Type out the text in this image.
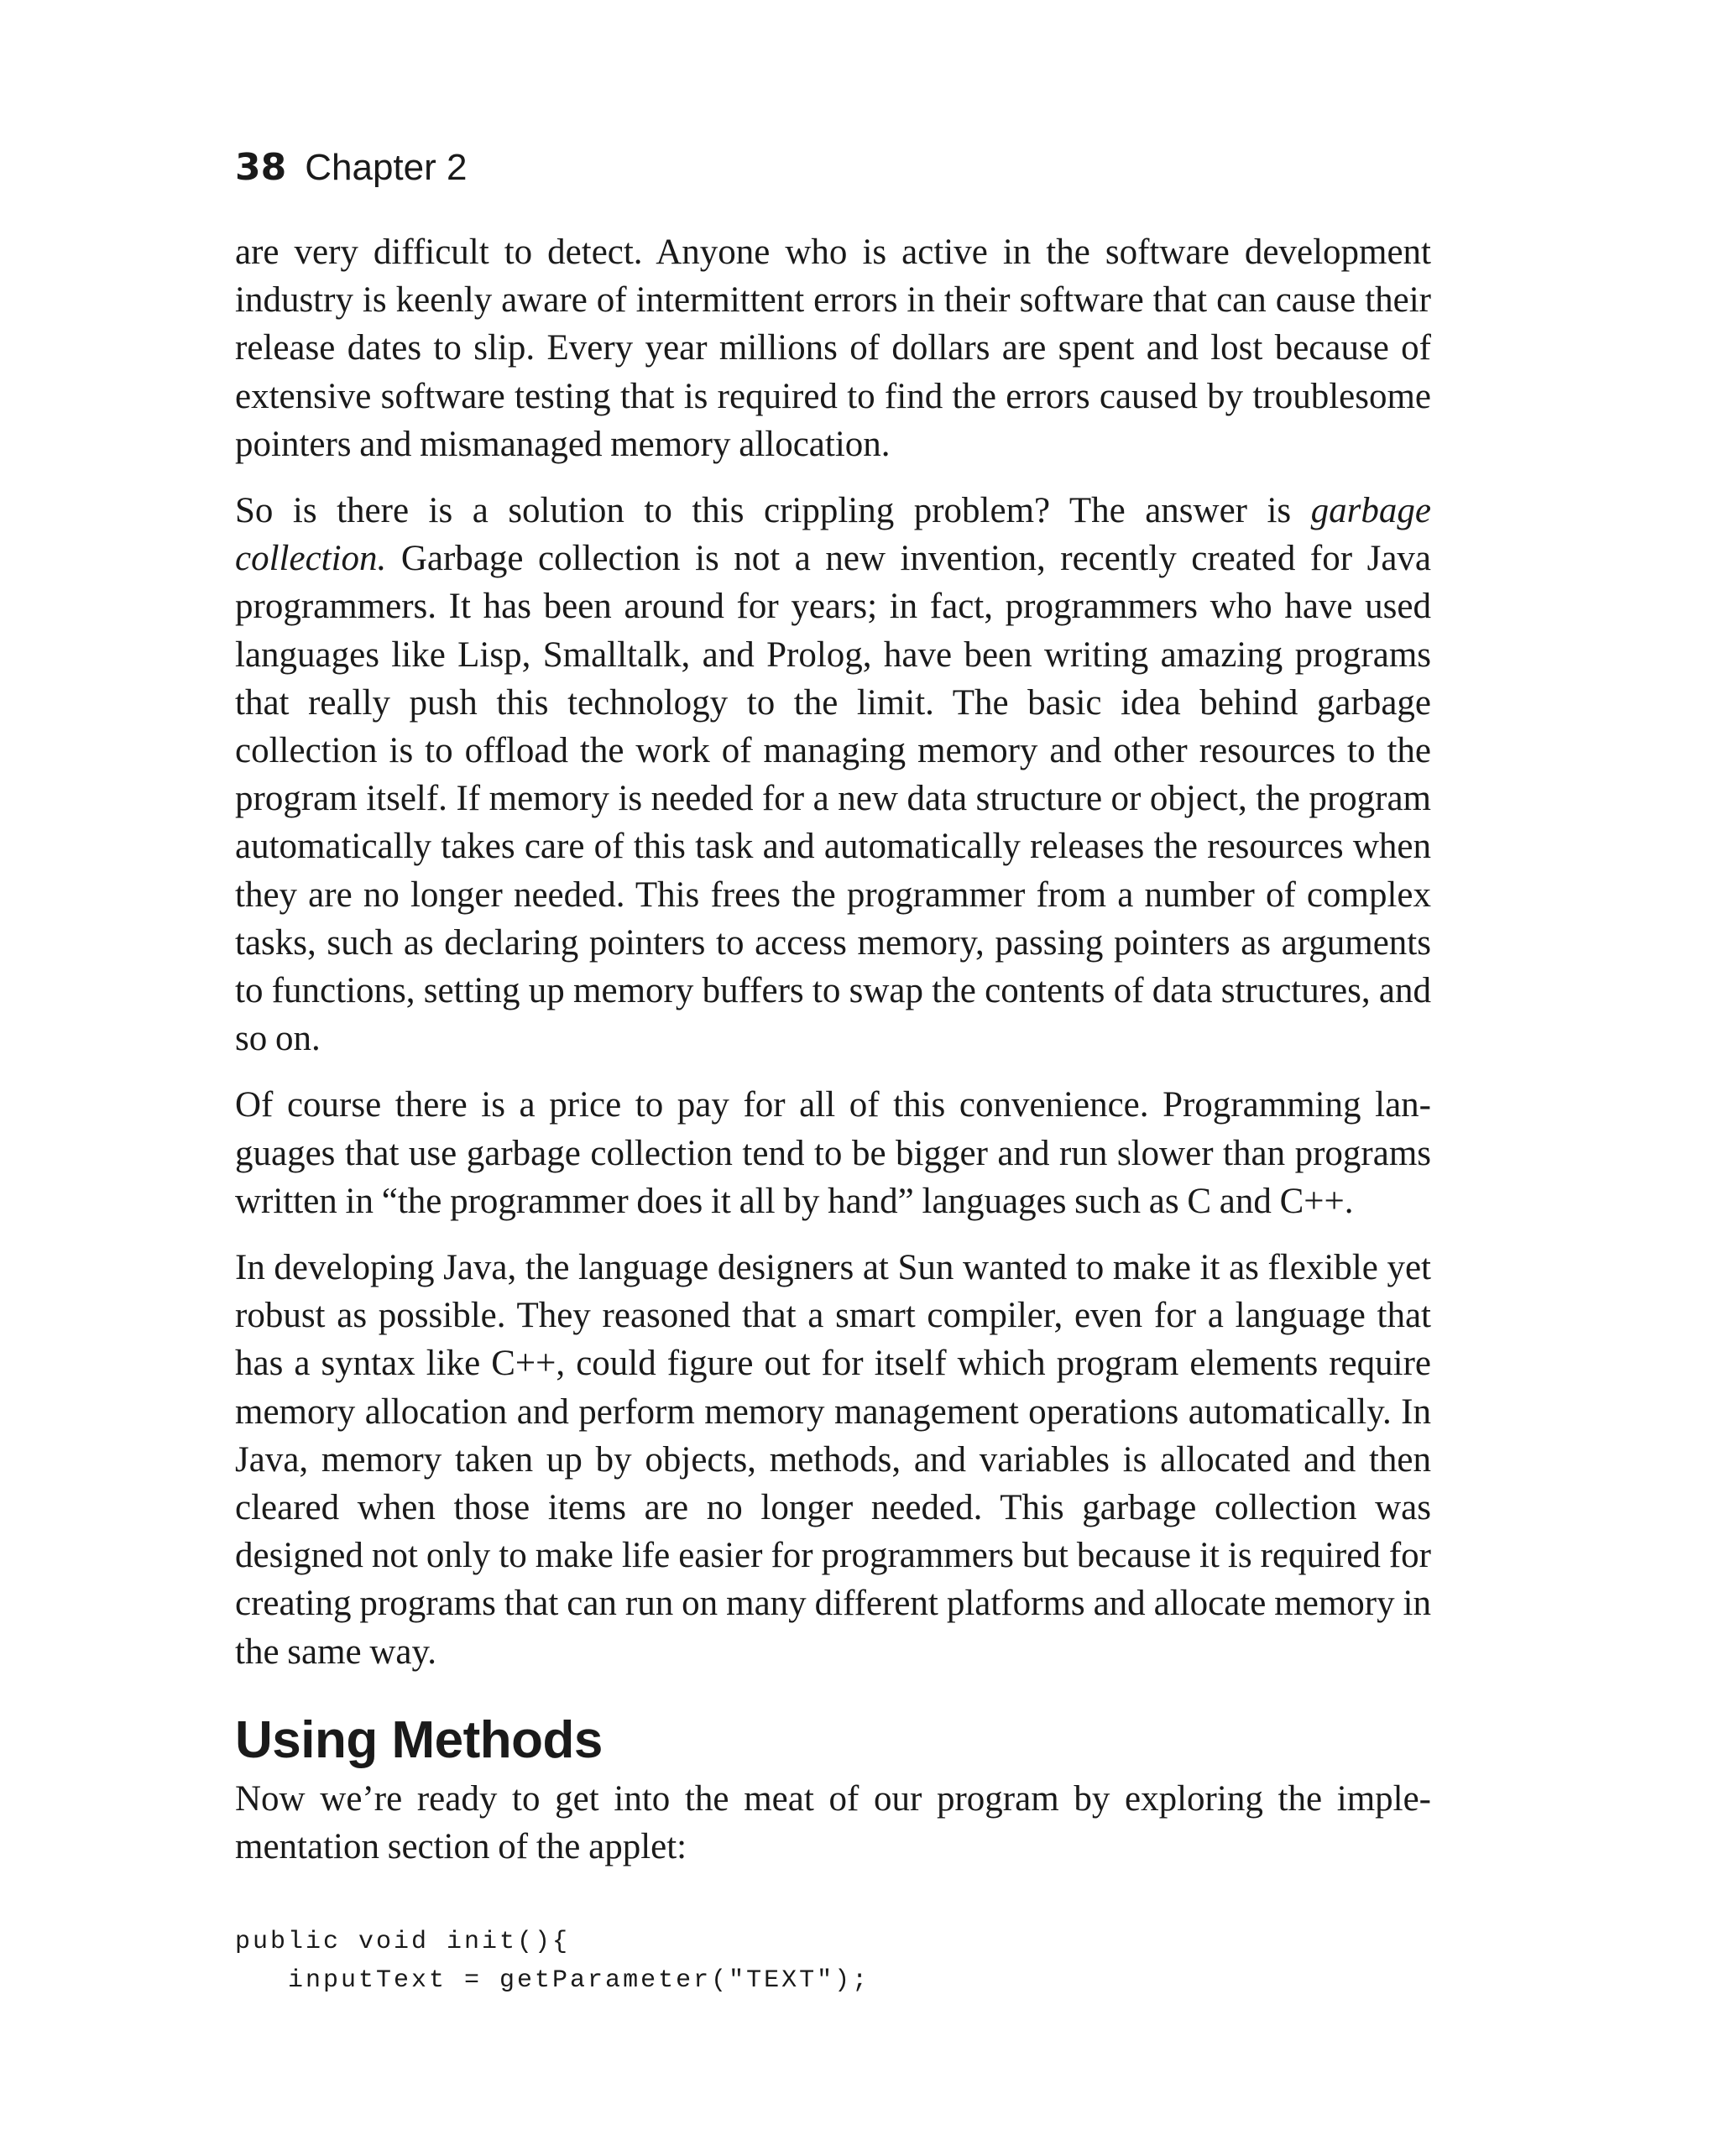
38 Chapter 2

are very difficult to detect. Anyone who is active in the software development industry is keenly aware of intermittent errors in their software that can cause their release dates to slip. Every year millions of dollars are spent and lost because of extensive software testing that is required to find the errors caused by troublesome pointers and mismanaged memory allocation.

So is there is a solution to this crippling problem? The answer is garbage collection. Garbage collection is not a new invention, recently created for Java programmers. It has been around for years; in fact, programmers who have used languages like Lisp, Smalltalk, and Prolog, have been writing amazing programs that really push this technology to the limit. The basic idea behind garbage collection is to offload the work of managing memory and other resources to the program itself. If memory is needed for a new data structure or object, the program automatically takes care of this task and automatically releases the resources when they are no longer needed. This frees the programmer from a number of complex tasks, such as declaring pointers to access memory, passing pointers as arguments to functions, setting up memory buffers to swap the contents of data structures, and so on.

Of course there is a price to pay for all of this convenience. Programming languages that use garbage collection tend to be bigger and run slower than programs written in “the programmer does it all by hand” languages such as C and C++.

In developing Java, the language designers at Sun wanted to make it as flexible yet robust as possible. They reasoned that a smart compiler, even for a language that has a syntax like C++, could figure out for itself which program elements require memory allocation and perform memory management operations automatically. In Java, memory taken up by objects, methods, and variables is allocated and then cleared when those items are no longer needed. This garbage collection was designed not only to make life easier for programmers but because it is required for creating programs that can run on many different platforms and allocate memory in the same way.

Using Methods

Now we’re ready to get into the meat of our program by exploring the implementation section of the applet:

public void init(){
inputText = getParameter("TEXT");
